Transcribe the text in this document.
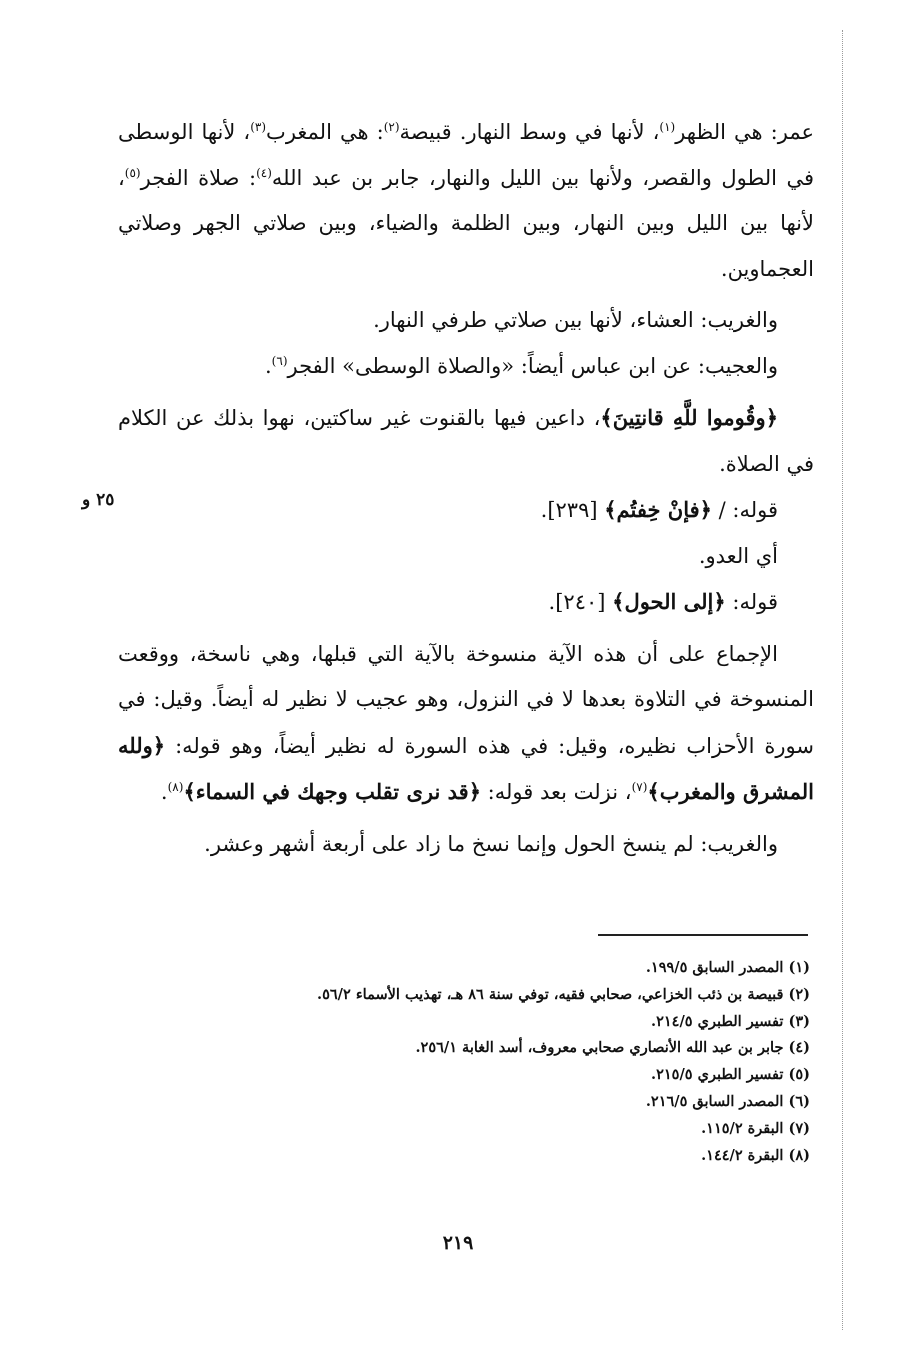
عمر: هي الظهر$^{(١)}$، لأنها في وسط النهار. قبيصة$^{(٢)}$: هي المغرب$^{(٣)}$، لأنها الوسطى في الطول والقصر، ولأنها بين الليل والنهار، جابر بن عبد الله$^{(٤)}$: صلاة الفجر$^{(٥)}$، لأنها بين الليل وبين النهار، وبين الظلمة والضياء، وبين صلاتي الجهر وصلاتي العجماوين.

والغريب: العشاء، لأنها بين صلاتي طرفي النهار.

والعجيب: عن ابن عباس أيضاً: «والصلاة الوسطى» الفجر$^{(٦)}$.

﴿وقُوموا للَّهِ قانتِينَ﴾، داعين فيها بالقنوت غير ساكتين، نهوا بذلك عن الكلام في الصلاة.

قوله: / ﴿فإنْ خِفتُم﴾ [٢٣٩].

أي العدو.

قوله: ﴿إلى الحول﴾ [٢٤٠].

الإجماع على أن هذه الآية منسوخة بالآية التي قبلها، وهي ناسخة، ووقعت المنسوخة في التلاوة بعدها لا في النزول، وهو عجيب لا نظير له أيضاً. وقيل: في سورة الأحزاب نظيره، وقيل: في هذه السورة له نظير أيضاً، وهو قوله: ﴿ولله المشرق والمغرب﴾$^{(٧)}$، نزلت بعد قوله: ﴿قد نرى تقلب وجهك في السماء﴾$^{(٨)}$.

والغريب: لم ينسخ الحول وإنما نسخ ما زاد على أربعة أشهر وعشر.

٢٥ و

(١) المصدر السابق ١٩٩/٥.

(٢) قبيصة بن ذئب الخزاعي، صحابي فقيه، توفي سنة ٨٦ هـ، تهذيب الأسماء ٥٦/٢.

(٣) تفسير الطبري ٢١٤/٥.

(٤) جابر بن عبد الله الأنصاري صحابي معروف، أسد الغابة ٢٥٦/١.

(٥) تفسير الطبري ٢١٥/٥.

(٦) المصدر السابق ٢١٦/٥.

(٧) البقرة ١١٥/٢.

(٨) البقرة ١٤٤/٢.

٢١٩
